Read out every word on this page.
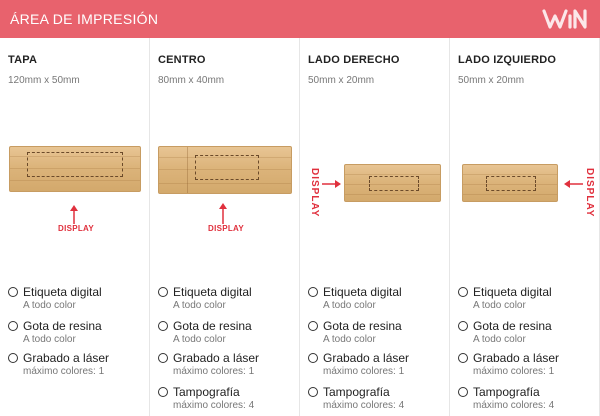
ÁREA DE IMPRESIÓN
TAPA
120mm x 50mm
DISPLAY
Etiqueta digital
A todo color
Gota de resina
A todo color
Grabado a láser
máximo colores: 1
CENTRO
80mm x 40mm
DISPLAY
Etiqueta digital
A todo color
Gota de resina
A todo color
Grabado a láser
máximo colores: 1
Tampografía
máximo colores: 4
LADO DERECHO
50mm x 20mm
DISPLAY
Etiqueta digital
A todo color
Gota de resina
A todo color
Grabado a láser
máximo colores: 1
Tampografía
máximo colores: 4
LADO IZQUIERDO
50mm x 20mm
DISPLAY
Etiqueta digital
A todo color
Gota de resina
A todo color
Grabado a láser
máximo colores: 1
Tampografía
máximo colores: 4
